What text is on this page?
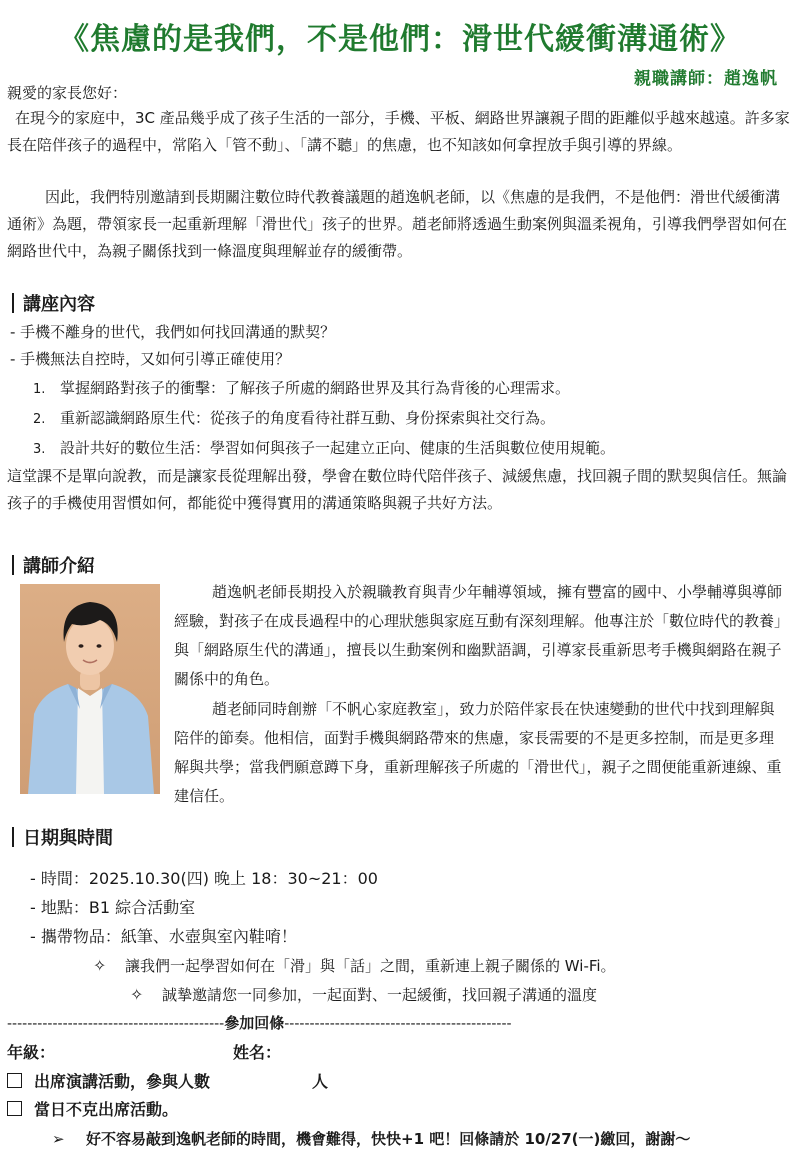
《焦慮的是我們，不是他們：滑世代緩衝溝通術》
親職講師：趙逸帆

親愛的家長您好：

在現今的家庭中，3C 產品幾乎成了孩子生活的一部分，手機、平板、網路世界讓親子間的距離似乎越來越遠。許多家長在陪伴孩子的過程中，常陷入「管不動」、「講不聽」的焦慮，也不知該如何拿捏放手與引導的界線。

因此，我們特別邀請到長期關注數位時代教養議題的趙逸帆老師，以《焦慮的是我們，不是他們：滑世代緩衝溝通術》為題，帶領家長一起重新理解「滑世代」孩子的世界。趙老師將透過生動案例與溫柔視角，引導我們學習如何在網路世代中，為親子關係找到一條溫度與理解並存的緩衝帶。

講座內容
- 手機不離身的世代，我們如何找回溝通的默契？
- 手機無法自控時，又如何引導正確使用？
1. 掌握網路對孩子的衝擊：了解孩子所處的網路世界及其行為背後的心理需求。
2. 重新認識網路原生代：從孩子的角度看待社群互動、身份探索與社交行為。
3. 設計共好的數位生活：學習如何與孩子一起建立正向、健康的生活與數位使用規範。

這堂課不是單向說教，而是讓家長從理解出發，學會在數位時代陪伴孩子、減緩焦慮，找回親子間的默契與信任。無論孩子的手機使用習慣如何，都能從中獲得實用的溝通策略與親子共好方法。

講師介紹

趙逸帆老師長期投入於親職教育與青少年輔導領域，擁有豐富的國中、小學輔導與導師經驗，對孩子在成長過程中的心理狀態與家庭互動有深刻理解。他專注於「數位時代的教養」與「網路原生代的溝通」，擅長以生動案例和幽默語調，引導家長重新思考手機與網路在親子關係中的角色。

趙老師同時創辦「不帆心家庭教室」，致力於陪伴家長在快速變動的世代中找到理解與陪伴的節奏。他相信，面對手機與網路帶來的焦慮，家長需要的不是更多控制，而是更多理解與共學；當我們願意蹲下身，重新理解孩子所處的「滑世代」，親子之間便能重新連線、重建信任。

日期與時間
- 時間：2025.10.30(四) 晚上 18：30~21：00
- 地點：B1 綜合活動室
- 攜帶物品：紙筆、水壺與室內鞋唷！
✧ 讓我們一起學習如何在「滑」與「話」之間，重新連上親子關係的 Wi-Fi。
✧ 誠摯邀請您一同參加，一起面對、一起緩衝，找回親子溝通的溫度
-------------------------------------------參加回條---------------------------------------------
年級：	姓名：
出席演講活動，參與人數	人
當日不克出席活動。
➢ 好不容易敲到逸帆老師的時間，機會難得，快快+1 吧！回條請於 10/27(一)繳回，謝謝～
